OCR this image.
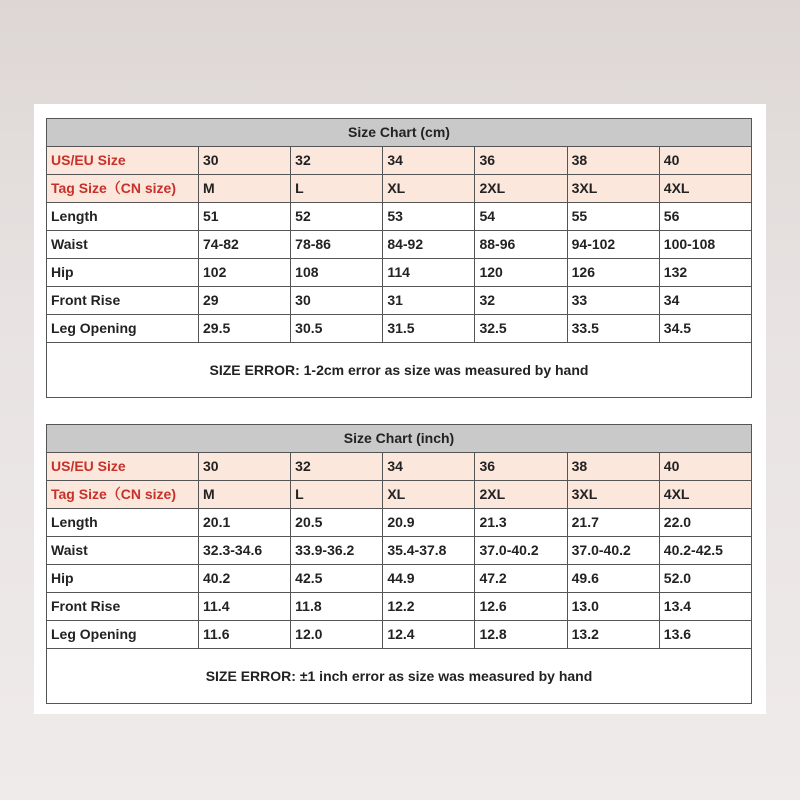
Size Chart (cm)						
US/EU Size	30	32	34	36	38	40
Tag Size（CN size)	M	L	XL	2XL	3XL	4XL
Length	51	52	53	54	55	56
Waist	74-82	78-86	84-92	88-96	94-102	100-108
Hip	102	108	114	120	126	132
Front Rise	29	30	31	32	33	34
Leg Opening	29.5	30.5	31.5	32.5	33.5	34.5
SIZE ERROR: 1-2cm error as size was measured by hand						
Size Chart (inch)						
US/EU Size	30	32	34	36	38	40
Tag Size（CN size)	M	L	XL	2XL	3XL	4XL
Length	20.1	20.5	20.9	21.3	21.7	22.0
Waist	32.3-34.6	33.9-36.2	35.4-37.8	37.0-40.2	37.0-40.2	40.2-42.5
Hip	40.2	42.5	44.9	47.2	49.6	52.0
Front Rise	11.4	11.8	12.2	12.6	13.0	13.4
Leg Opening	11.6	12.0	12.4	12.8	13.2	13.6
SIZE ERROR: ±1 inch error as size was measured by hand						
